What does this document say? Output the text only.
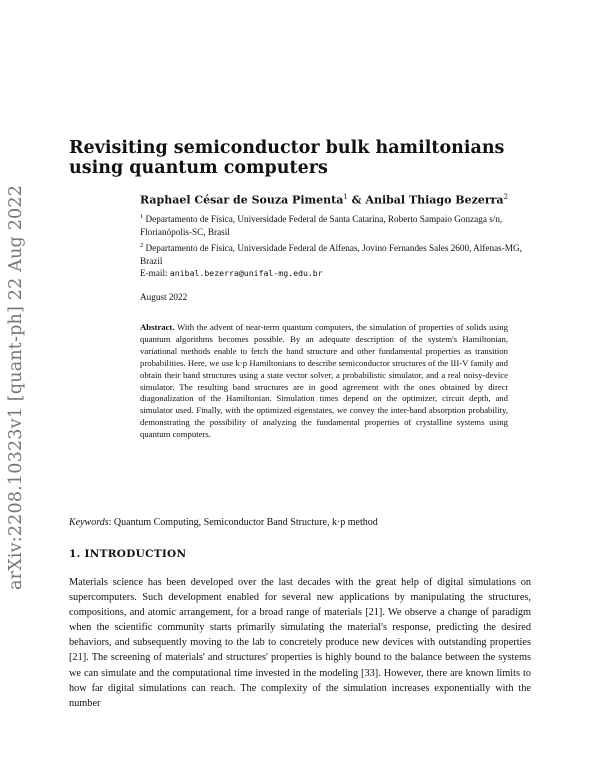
arXiv:2208.10323v1 [quant-ph] 22 Aug 2022
Revisiting semiconductor bulk hamiltonians using quantum computers

Raphael César de Souza Pimenta$^1$ & Anibal Thiago Bezerra$^2$

$^1$ Departamento de Física, Universidade Federal de Santa Catarina, Roberto Sampaio Gonzaga s/n, Florianópolis-SC, Brasil

$^2$ Departamento de Física, Universidade Federal de Alfenas, Jovino Fernandes Sales 2600, Alfenas-MG, Brazil

E-mail: anibal.bezerra@unifal-mg.edu.br

August 2022

Abstract. With the advent of near-term quantum computers, the simulation of properties of solids using quantum algorithms becomes possible. By an adequate description of the system's Hamiltonian, variational methods enable to fetch the band structure and other fundamental properties as transition probabilities. Here, we use k·p Hamiltonians to describe semiconductor structures of the III-V family and obtain their band structures using a state vector solver, a probabilistic simulator, and a real noisy-device simulator. The resulting band structures are in good agreement with the ones obtained by direct diagonalization of the Hamiltonian. Simulation times depend on the optimizer, circuit depth, and simulator used. Finally, with the optimized eigenstates, we convey the inter-band absorption probability, demonstrating the possibility of analyzing the fundamental properties of crystalline systems using quantum computers.

Keywords: Quantum Computing, Semiconductor Band Structure, k·p method

1. INTRODUCTION

Materials science has been developed over the last decades with the great help of digital simulations on supercomputers. Such development enabled for several new applications by manipulating the structures, compositions, and atomic arrangement, for a broad range of materials [21]. We observe a change of paradigm when the scientific community starts primarily simulating the material's response, predicting the desired behaviors, and subsequently moving to the lab to concretely produce new devices with outstanding properties [21]. The screening of materials' and structures' properties is highly bound to the balance between the systems we can simulate and the computational time invested in the modeling [33]. However, there are known limits to how far digital simulations can reach. The complexity of the simulation increases exponentially with the number
